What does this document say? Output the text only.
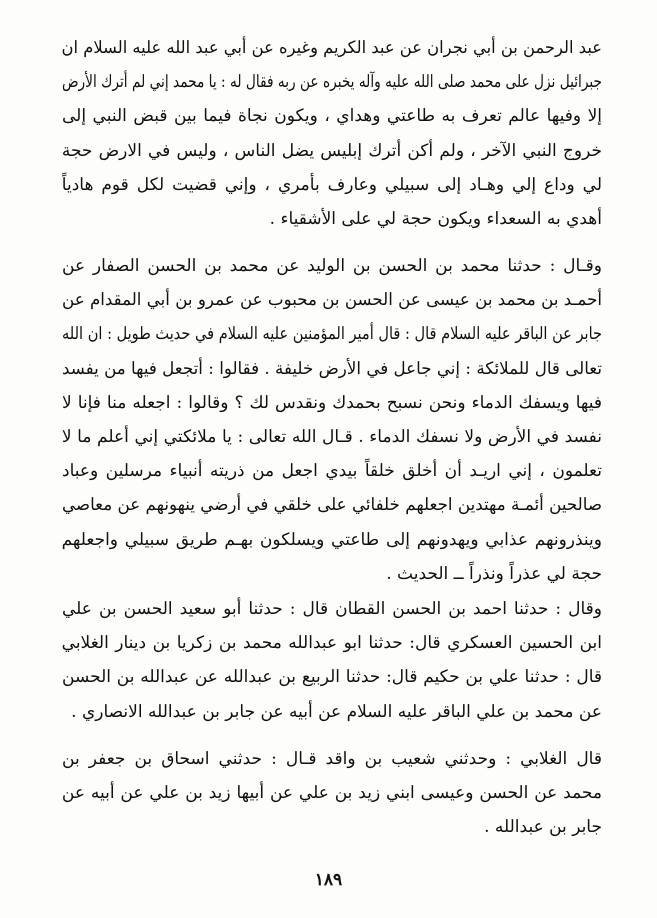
عبد الرحمن بن أبي نجران عن عبد الكريم وغيره عن أبي عبد الله عليه السلام ان
جبرائيل نزل على محمد صلى الله عليه وآله يخبره عن ربه فقال له : يا محمد إني لم أترك الأرض
إلا وفيها عالم تعرف به طاعتي وهداي ، ويكون نجاة فيما بين قبض النبي إلى
خروج النبي الآخر ، ولم أكن أترك إبليس يضل الناس ، وليس في الارض حجة
لي وداع إلي وهـاد إلى سبيلي وعارف بأمري ، وإني قضيت لكل قوم هادياً
أهدي به السعداء ويكون حجة لي على الأشقياء .
وقـال : حدثنا محمد بن الحسن بن الوليد عن محمد بن الحسن الصفار عن
أحمـد بن محمد بن عيسى عن الحسن بن محبوب عن عمرو بن أبي المقدام عن
جابر عن الباقر عليه السلام قال : قال أمير المؤمنين عليه السلام في حديث طويل : ان الله
تعالى قال للملائكة : إني جاعل في الأرض خليفة . فقالوا : أتجعل فيها من يفسد
فيها ويسفك الدماء ونحن نسبح بحمدك ونقدس لك ؟ وقالوا : اجعله منا فإنا لا
نفسد في الأرض ولا نسفك الدماء . قـال الله تعالى : يا ملائكتي إني أعلم ما لا
تعلمون ، إني اريـد أن أخلق خلقاً بيدي اجعل من ذريته أنبياء مرسلين وعباد
صالحين أئمـة مهتدين اجعلهم خلفائي على خلقي في أرضي ينهونهم عن معاصي
وينذرونهم عذابي ويهدونهم إلى طاعتي ويسلكون بهـم طريق سبيلي واجعلهم
حجة لي عذراً ونذراً ــ الحديث .
وقال : حدثنا احمد بن الحسن القطان قال : حدثنا أبو سعيد الحسن بن علي
ابن الحسين العسكري قال: حدثنا ابو عبدالله محمد بن زكريا بن دينار الغلابي
قال : حدثنا علي بن حكيم قال: حدثنا الربيع بن عبدالله عن عبدالله بن الحسن
عن محمد بن علي الباقر عليه السلام عن أبيه عن جابر بن عبدالله الانصاري .
قال الغلابي : وحدثني شعيب بن واقد قـال : حدثني اسحاق بن جعفر بن
محمد عن الحسن وعيسى ابني زيد بن علي عن أبيها زيد بن علي عن أبيه عن
جابر بن عبدالله .
١٨٩
